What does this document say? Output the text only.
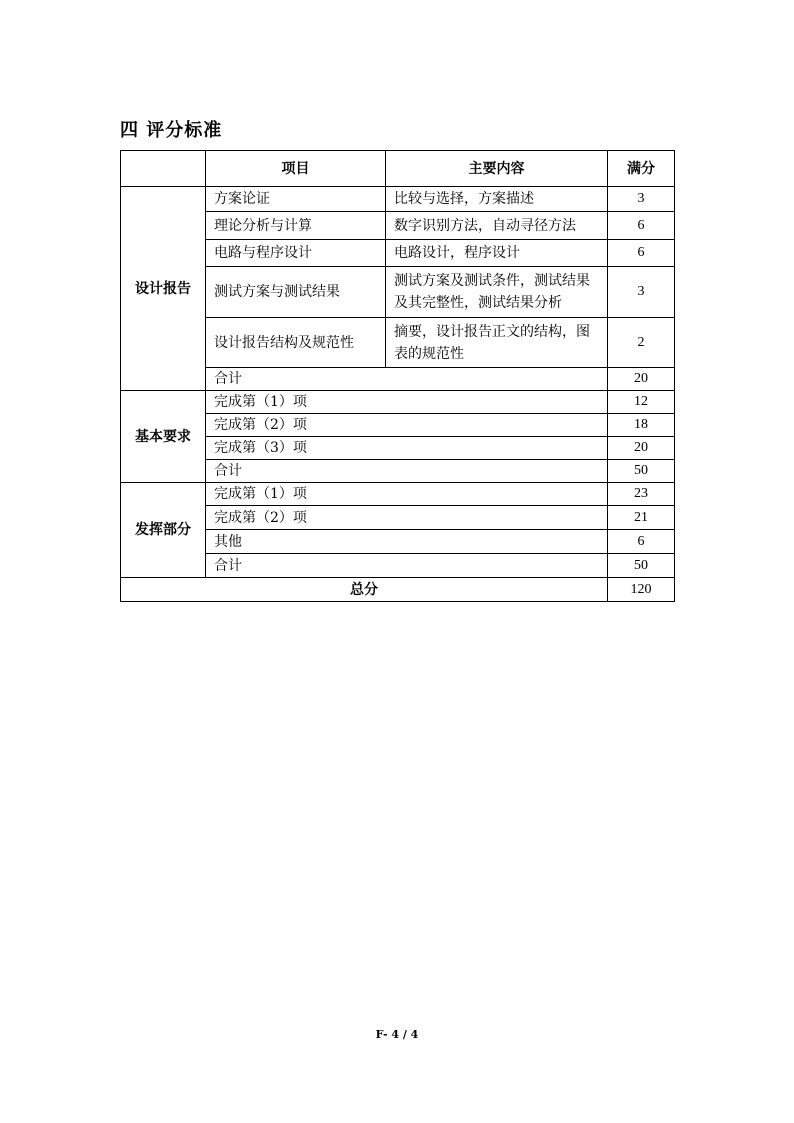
四 评分标准
	项目	主要内容	满分
设计报告	方案论证	比较与选择，方案描述	3
	理论分析与计算	数字识别方法，自动寻径方法	6
	电路与程序设计	电路设计，程序设计	6
	测试方案与测试结果	测试方案及测试条件，测试结果及其完整性，测试结果分析	3
	设计报告结构及规范性	摘要，设计报告正文的结构，图表的规范性	2
	合计		20
基本要求	完成第（1）项		12
	完成第（2）项		18
	完成第（3）项		20
	合计		50
发挥部分	完成第（1）项		23
	完成第（2）项		21
	其他		6
	合计		50
总分			120
F- 4 / 4
